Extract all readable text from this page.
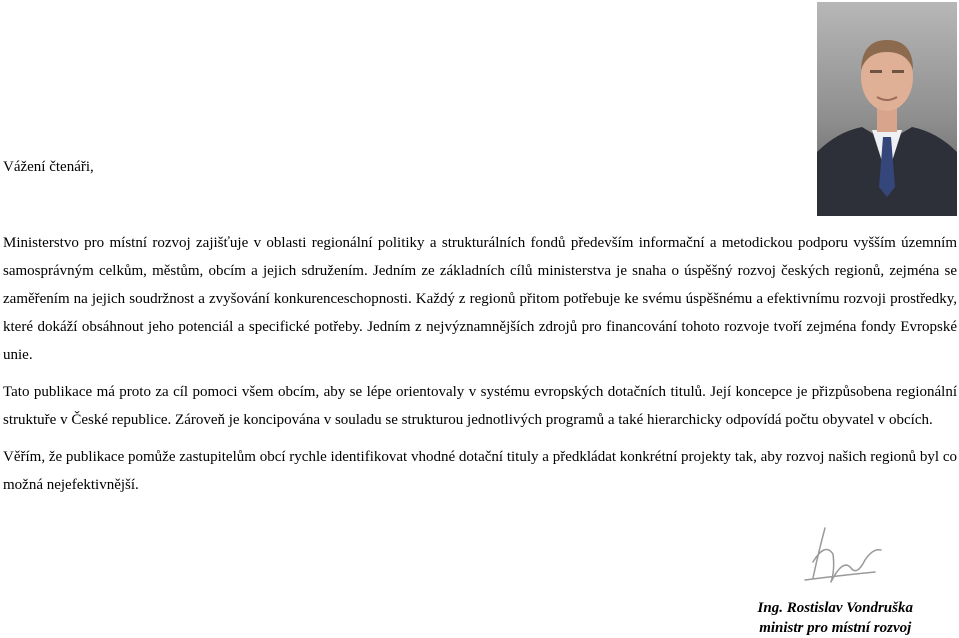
Vážení čtenáři,

Ministerstvo pro místní rozvoj zajišťuje v oblasti regionální politiky a strukturálních fondů především informační a metodickou podporu vyšším územním samosprávným celkům, městům, obcím a jejich sdružením. Jedním ze základních cílů ministerstva je snaha o úspěšný rozvoj českých regionů, zejména se zaměřením na jejich soudržnost a zvyšování konkurenceschopnosti. Každý z regionů přitom potřebuje ke svému úspěšnému a efektivnímu rozvoji prostředky, které dokáží obsáhnout jeho potenciál a specifické potřeby. Jedním z nejvýznamnějších zdrojů pro financování tohoto rozvoje tvoří zejména fondy Evropské unie.

Tato publikace má proto za cíl pomoci všem obcím, aby se lépe orientovaly v systému evropských dotačních titulů. Její koncepce je přizpůsobena regionální struktuře v České republice. Zároveň je koncipována v souladu se strukturou jednotlivých programů a také hierarchicky odpovídá počtu obyvatel v obcích.

Věřím, že publikace pomůže zastupitelům obcí rychle identifikovat vhodné dotační tituly a předkládat konkrétní projekty tak, aby rozvoj našich regionů byl co možná nejefektivnější.

Ing. Rostislav Vondruška
ministr pro místní rozvoj
